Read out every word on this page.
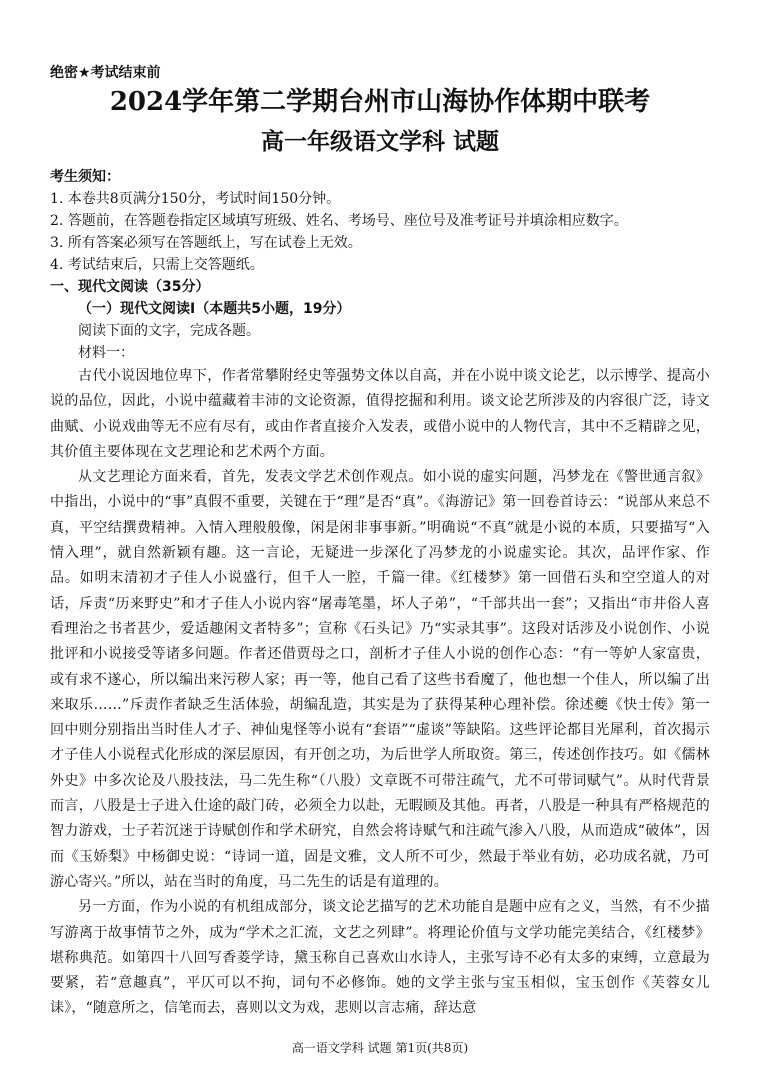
绝密★考试结束前
2024学年第二学期台州市山海协作体期中联考
高一年级语文学科 试题
考生须知：
1. 本卷共8页满分150分，考试时间150分钟。
2. 答题前，在答题卷指定区域填写班级、姓名、考场号、座位号及准考证号并填涂相应数字。
3. 所有答案必须写在答题纸上，写在试卷上无效。
4. 考试结束后，只需上交答题纸。
一、现代文阅读（35分）
（一）现代文阅读Ⅰ（本题共5小题，19分）
阅读下面的文字，完成各题。
材料一：

古代小说因地位卑下，作者常攀附经史等强势文体以自高，并在小说中谈文论艺，以示博学、提高小说的品位，因此，小说中蕴藏着丰沛的文论资源，值得挖掘和利用。谈文论艺所涉及的内容很广泛，诗文曲赋、小说戏曲等无不应有尽有，或由作者直接介入发表，或借小说中的人物代言，其中不乏精辟之见，其价值主要体现在文艺理论和艺术两个方面。

从文艺理论方面来看，首先，发表文学艺术创作观点。如小说的虚实问题，冯梦龙在《警世通言叙》中指出，小说中的“事”真假不重要，关键在于“理”是否“真”。《海游记》第一回卷首诗云：“说部从来总不真，平空结撰费精神。入情入理般般像，闲是闲非事事新。”明确说“不真”就是小说的本质，只要描写“入情入理”，就自然新颖有趣。这一言论，无疑进一步深化了冯梦龙的小说虚实论。其次，品评作家、作品。如明末清初才子佳人小说盛行，但千人一腔，千篇一律。《红楼梦》第一回借石头和空空道人的对话，斥责“历来野史”和才子佳人小说内容“屠毒笔墨，坏人子弟”，“千部共出一套”；又指出“市井俗人喜看理治之书者甚少，爱适趣闲文者特多”；宣称《石头记》乃“实录其事”。这段对话涉及小说创作、小说批评和小说接受等诸多问题。作者还借贾母之口，剖析才子佳人小说的创作心态：“有一等妒人家富贵，或有求不遂心，所以编出来污秽人家；再一等，他自己看了这些书看魔了，他也想一个佳人，所以编了出来取乐……”斥责作者缺乏生活体验，胡编乱造，其实是为了获得某种心理补偿。徐述夔《快士传》第一回中则分别指出当时佳人才子、神仙鬼怪等小说有“套语”“虚谈”等缺陷。这些评论都目光犀利，首次揭示才子佳人小说程式化形成的深层原因，有开创之功，为后世学人所取资。第三，传述创作技巧。如《儒林外史》中多次论及八股技法，马二先生称“（八股）文章既不可带注疏气，尤不可带词赋气”。从时代背景而言，八股是士子进入仕途的敲门砖，必须全力以赴，无暇顾及其他。再者，八股是一种具有严格规范的智力游戏，士子若沉迷于诗赋创作和学术研究，自然会将诗赋气和注疏气渗入八股，从而造成“破体”，因而《玉娇梨》中杨御史说：“诗词一道，固是文雅，文人所不可少，然最于举业有妨，必功成名就，乃可游心寄兴。”所以，站在当时的角度，马二先生的话是有道理的。

另一方面，作为小说的有机组成部分，谈文论艺描写的艺术功能自是题中应有之义，当然，有不少描写游离于故事情节之外，成为“学术之汇流，文艺之列肆”。将理论价值与文学功能完美结合，《红楼梦》堪称典范。如第四十八回写香菱学诗，黛玉称自己喜欢山水诗人，主张写诗不必有太多的束缚，立意最为要紧，若“意趣真”，平仄可以不拘，词句不必修饰。她的文学主张与宝玉相似，宝玉创作《芙蓉女儿诔》，“随意所之，信笔而去，喜则以文为戏，悲则以言志痛，辞达意

高一语文学科 试题 第1页(共8页)
